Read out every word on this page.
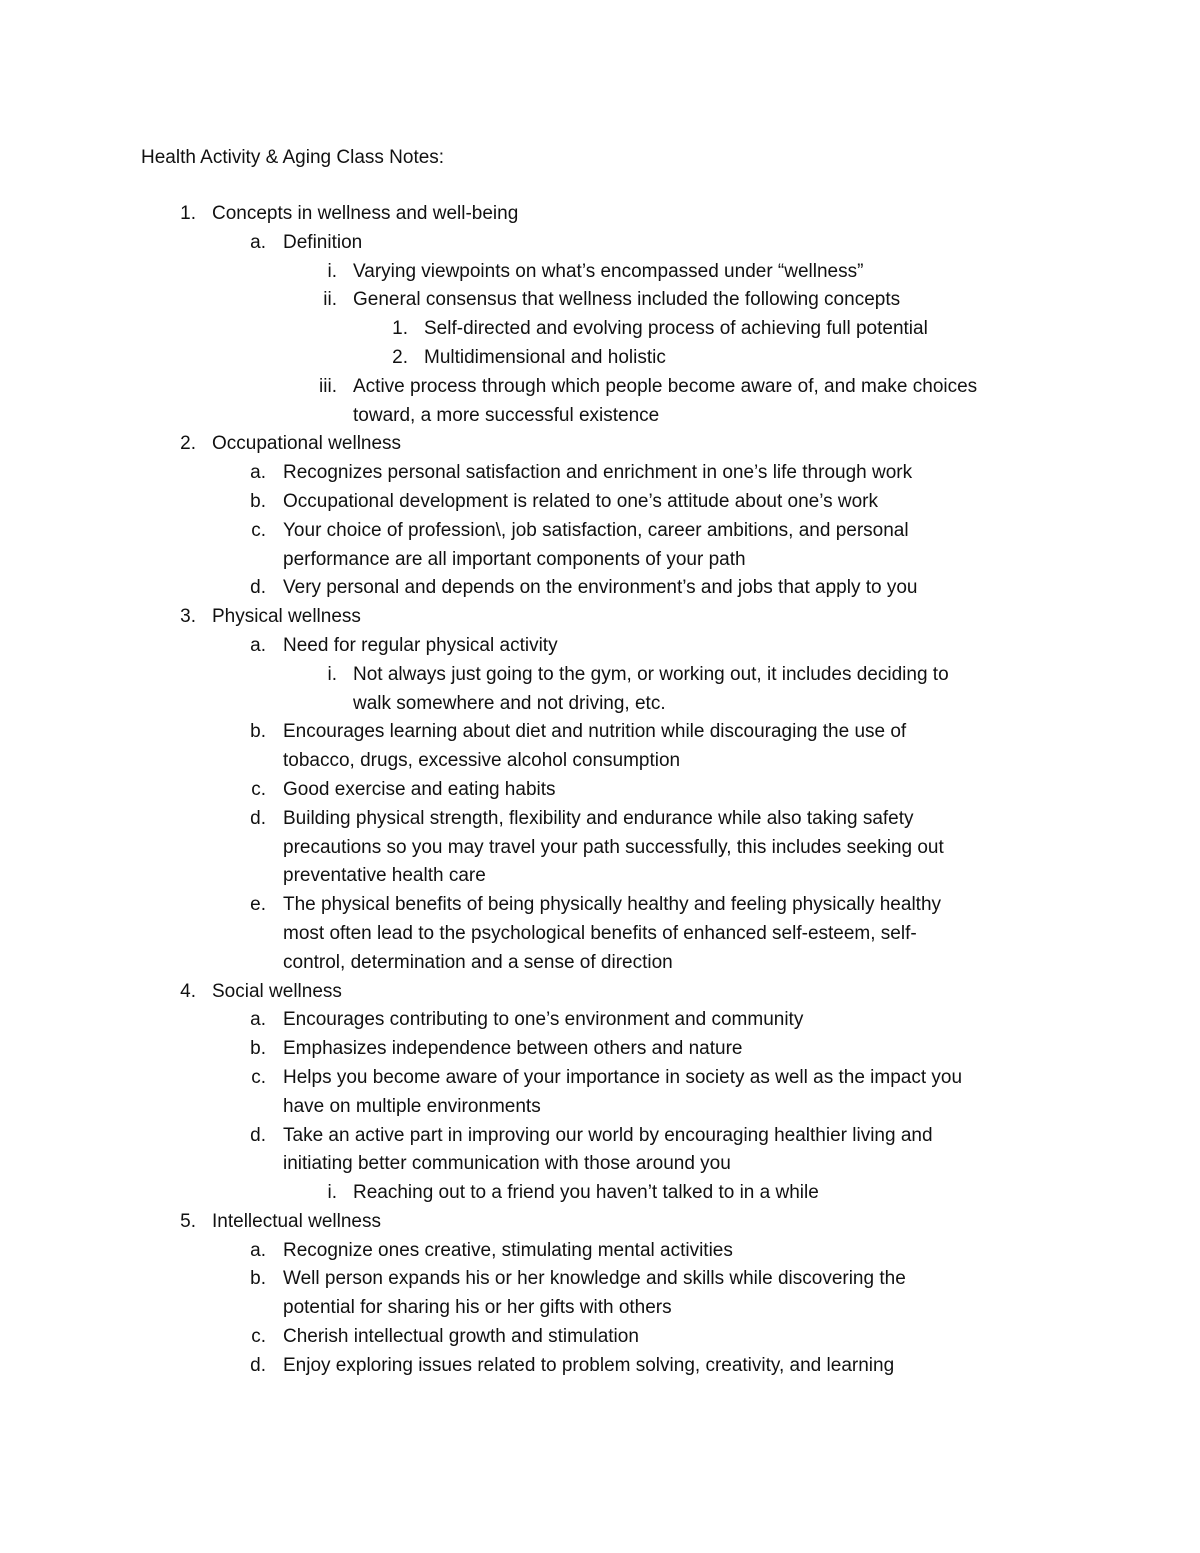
Health Activity & Aging Class Notes:
1. Concepts in wellness and well-being
a. Definition
i. Varying viewpoints on what’s encompassed under “wellness”
ii. General consensus that wellness included the following concepts
1. Self-directed and evolving process of achieving full potential
2. Multidimensional and holistic
iii. Active process through which people become aware of, and make choices
toward, a more successful existence
2. Occupational wellness
a. Recognizes personal satisfaction and enrichment in one’s life through work
b. Occupational development is related to one’s attitude about one’s work
c. Your choice of profession\, job satisfaction, career ambitions, and personal
performance are all important components of your path
d. Very personal and depends on the environment’s and jobs that apply to you
3. Physical wellness
a. Need for regular physical activity
i. Not always just going to the gym, or working out, it includes deciding to
walk somewhere and not driving, etc.
b. Encourages learning about diet and nutrition while discouraging the use of
tobacco, drugs, excessive alcohol consumption
c. Good exercise and eating habits
d. Building physical strength, flexibility and endurance while also taking safety
precautions so you may travel your path successfully, this includes seeking out
preventative health care
e. The physical benefits of being physically healthy and feeling physically healthy
most often lead to the psychological benefits of enhanced self-esteem, self-
control, determination and a sense of direction
4. Social wellness
a. Encourages contributing to one’s environment and community
b. Emphasizes independence between others and nature
c. Helps you become aware of your importance in society as well as the impact you
have on multiple environments
d. Take an active part in improving our world by encouraging healthier living and
initiating better communication with those around you
i. Reaching out to a friend you haven’t talked to in a while
5. Intellectual wellness
a. Recognize ones creative, stimulating mental activities
b. Well person expands his or her knowledge and skills while discovering the
potential for sharing his or her gifts with others
c. Cherish intellectual growth and stimulation
d. Enjoy exploring issues related to problem solving, creativity, and learning
